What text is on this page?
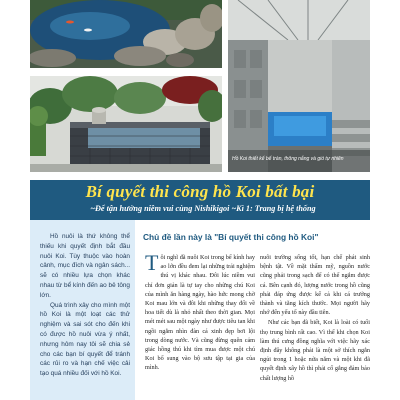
Hồ Koi thiết kế bể tràn, thông nắng và gió tự nhiên
Bí quyết thi công hồ Koi bất bại
~Để tận hưởng niềm vui cùng Nishikigoi ~Kì 1: Trang bị hệ thống

Hồ nuôi là thứ không thể thiếu khi quyết định bắt đầu nuôi Koi. Tùy thuộc vào hoàn cảnh, mục đích và ngân sách... sẽ có nhiều lựa chọn khác nhau từ bể kính đến ao bê tông lớn.

Quá trình xây cho mình một hồ Koi là một loạt các thử nghiệm và sai sót cho đến khi có được hồ nuôi vừa ý nhất, nhưng hôm nay tôi sẽ chia sẻ cho các bạn bí quyết để tránh các rủi ro và hạn chế việc cải tạo quá nhiều đối với hồ Koi.

Chủ đề lần này là "Bí quyết thi công hồ Koi"

Tôi nghĩ đã nuôi Koi trong bể kính hay ao lớn đều đem lại những trải nghiệm thú vị khác nhau. Đôi lúc niềm vui chỉ đơn giản là tự tay cho những chú Koi của mình ăn hàng ngày, hào hức mong chờ Koi mau lớn và đôi khi những thay đổi về hoa tiết dù là nhỏ nhất theo thời gian. Mọi mét mét sau một ngày như được tiêu tan khi ngồi ngắm nhìn đàn cá xinh đẹp bơi lội trong dòng nước. Và cũng đừng quên cảm giác hồng thú khi tìm mua được một chú Koi bổ sung vào bộ sưu tập tại gia của mình.

nuôi trường sống tốt, hạn chế phát sinh bệnh tật. Về mặt thẩm mỹ, nguồn nước cũng phải trong sạch để có thể ngắm được cá. Bên cạnh đó, lượng nước trong hồ cũng phải đáp ứng được kế cả khi cá trưởng thành và tăng kích thước. Mọi người hãy nhớ đến yếu tố này đầu tiên.

Như các bạn đã biết, Koi là loài có tuổi thọ trung bình rất cao. Vì thế khi chọn Koi làm thú cưng đồng nghĩa với việc hãy xác định đây không phải là một sở thích ngắn ngủi trong 1 hoặc nửa năm và một khi đã quyết định xây hồ thì phải cố gắng đảm bảo chất lượng hồ
